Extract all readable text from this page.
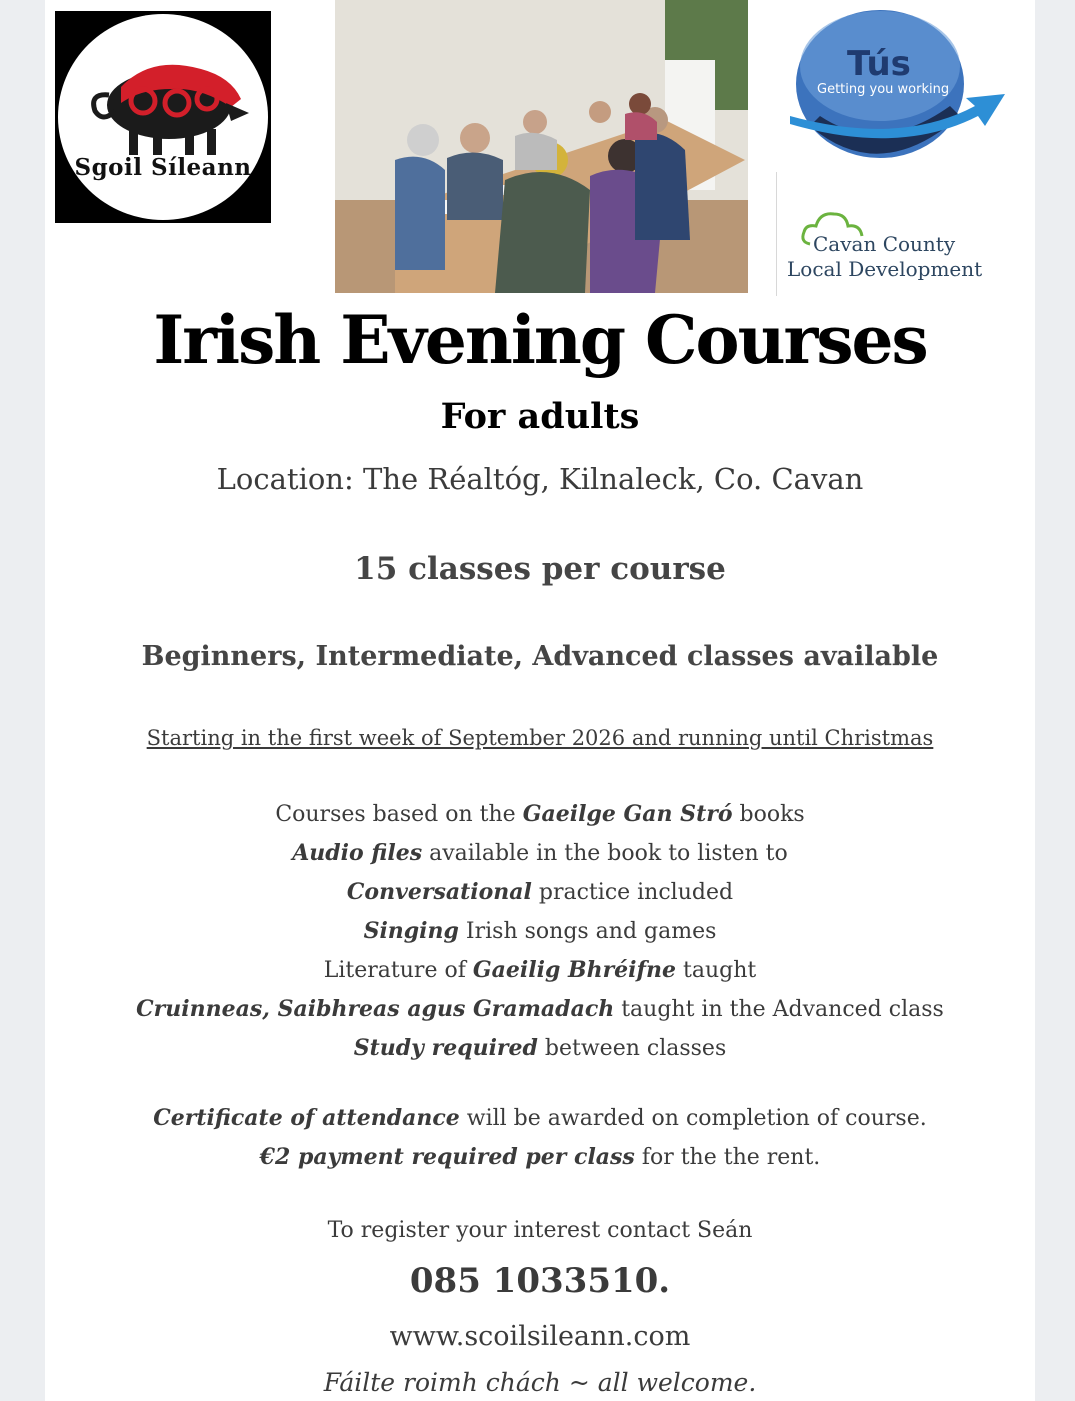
Sgoil Síleann
Tús
Getting you working
Cavan County
Local Development
Irish Evening Courses
For adults
Location: The Réaltóg, Kilnaleck, Co. Cavan
15 classes per course
Beginners, Intermediate, Advanced classes available
Starting in the first week of September 2026 and running until Christmas
Courses based on the Gaeilge Gan Stró books
Audio files available in the book to listen to
Conversational practice included
Singing Irish songs and games
Literature of Gaeilig Bhréifne taught
Cruinneas, Saibhreas agus Gramadach taught in the Advanced class
Study required between classes
Certificate of attendance will be awarded on completion of course.
€2 payment required per class for the the rent.
To register your interest contact Seán
085 1033510.
www.scoilsileann.com
Fáilte roimh chách ~ all welcome.
